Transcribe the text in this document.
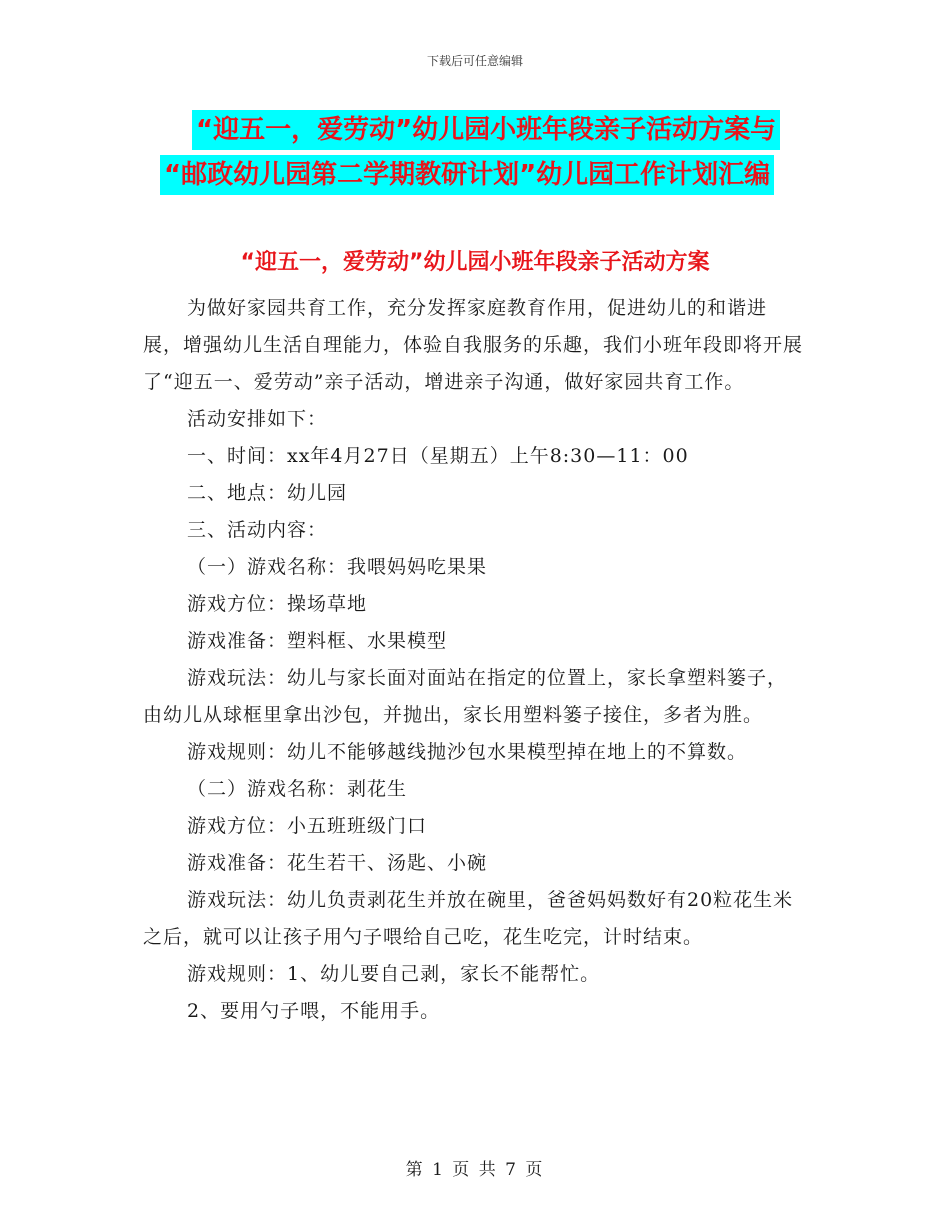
下载后可任意编辑
“迎五一，爱劳动”幼儿园小班年段亲子活动方案与
“邮政幼儿园第二学期教研计划”幼儿园工作计划汇编
“迎五一，爱劳动”幼儿园小班年段亲子活动方案

为做好家园共育工作，充分发挥家庭教育作用，促进幼儿的和谐进展，增强幼儿生活自理能力，体验自我服务的乐趣，我们小班年段即将开展了“迎五一、爱劳动”亲子活动，增进亲子沟通，做好家园共育工作。

活动安排如下：

一、时间：xx年4月27日（星期五）上午8:30—11：00

二、地点：幼儿园

三、活动内容：

（一）游戏名称：我喂妈妈吃果果

游戏方位：操场草地

游戏准备：塑料框、水果模型

游戏玩法：幼儿与家长面对面站在指定的位置上，家长拿塑料篓子，由幼儿从球框里拿出沙包，并抛出，家长用塑料篓子接住，多者为胜。

游戏规则：幼儿不能够越线抛沙包水果模型掉在地上的不算数。

（二）游戏名称：剥花生

游戏方位：小五班班级门口

游戏准备：花生若干、汤匙、小碗

游戏玩法：幼儿负责剥花生并放在碗里，爸爸妈妈数好有20粒花生米之后，就可以让孩子用勺子喂给自己吃，花生吃完，计时结束。

游戏规则：1、幼儿要自己剥，家长不能帮忙。

2、要用勺子喂，不能用手。

第 1 页 共 7 页
